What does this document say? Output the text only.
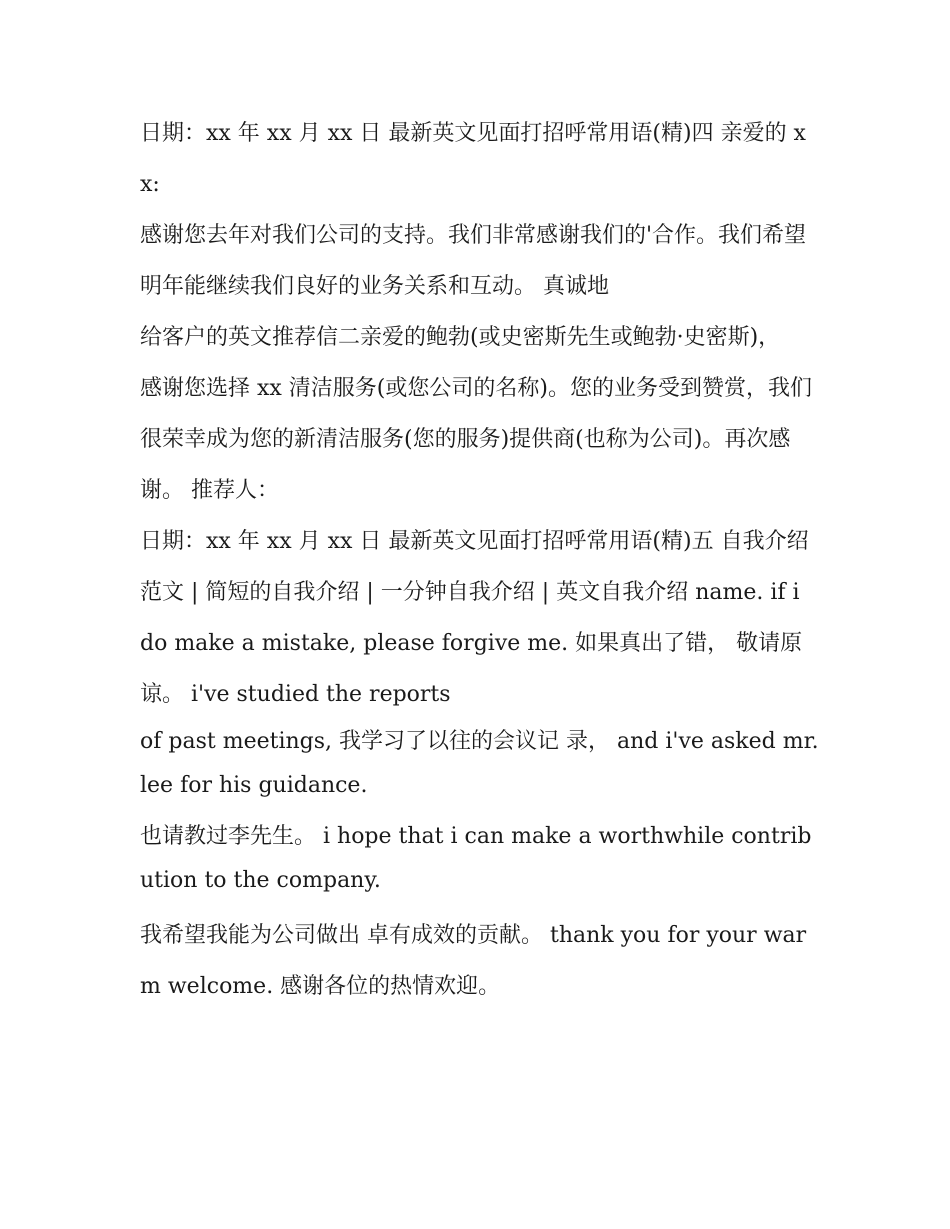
日期：xx 年 xx 月 xx 日 最新英文见面打招呼常用语(精)四 亲爱的 xx:

感谢您去年对我们公司的支持。我们非常感谢我们的'合作。我们希望明年能继续我们良好的业务关系和互动。 真诚地

给客户的英文推荐信二亲爱的鲍勃(或史密斯先生或鲍勃·史密斯)，

感谢您选择 xx 清洁服务(或您公司的名称)。您的业务受到赞赏，我们很荣幸成为您的新清洁服务(您的服务)提供商(也称为公司)。再次感谢。 推荐人：

日期：xx 年 xx 月 xx 日 最新英文见面打招呼常用语(精)五 自我介绍范文 | 简短的自我介绍 | 一分钟自我介绍 | 英文自我介绍 name. if i

do make a mistake, please forgive me. 如果真出了错， 敬请原谅。 i've studied the reports

of past meetings, 我学习了以往的会议记 录， and i've asked mr. lee for his guidance.

也请教过李先生。 i hope that i can make a worthwhile contribution to the company.

我希望我能为公司做出 卓有成效的贡献。 thank you for your warm welcome. 感谢各位的热情欢迎。
